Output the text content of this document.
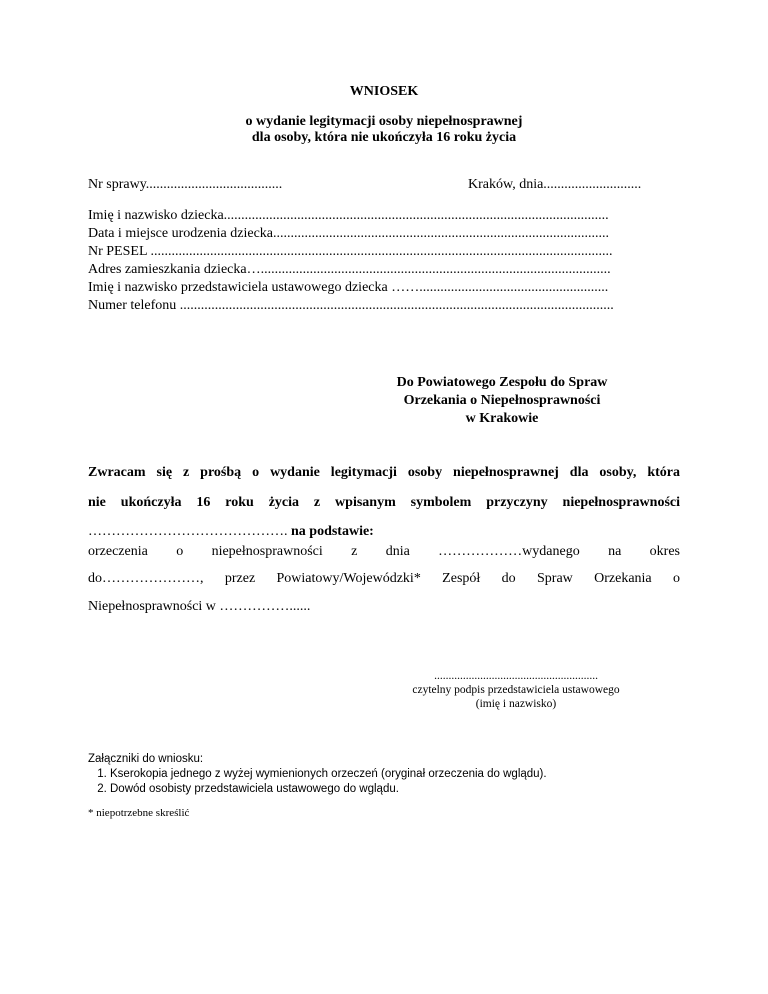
WNIOSEK
o wydanie legitymacji osoby niepełnosprawnej
dla osoby, która nie ukończyła 16 roku życia
Nr sprawy.......................................	Kraków, dnia............................
Imię i nazwisko dziecka..............................................................................................................
Data i miejsce urodzenia dziecka................................................................................................
Nr PESEL ....................................................................................................................................
Adres zamieszkania dziecka…....................................................................................................
Imię i nazwisko przedstawiciela ustawowego dziecka ……......................................................
Numer telefonu ............................................................................................................................
Do Powiatowego Zespołu do Spraw
Orzekania o Niepełnosprawności
w Krakowie
Zwracam się z prośbą o wydanie legitymacji osoby niepełnosprawnej dla osoby, która
nie ukończyła 16 roku życia z wpisanym symbolem przyczyny niepełnosprawności
……………………………………. na podstawie:
orzeczenia o niepełnosprawności z dnia ………………wydanego na okres
do…………………, przez Powiatowy/Wojewódzki* Zespół do Spraw Orzekania o
Niepełnosprawności w ……………......
.........................................................
czytelny podpis przedstawiciela ustawowego
(imię i nazwisko)
Załączniki do wniosku:
1. Kserokopia jednego z wyżej wymienionych orzeczeń (oryginał orzeczenia do wglądu).
2. Dowód osobisty przedstawiciela ustawowego do wglądu.
* niepotrzebne skreślić
